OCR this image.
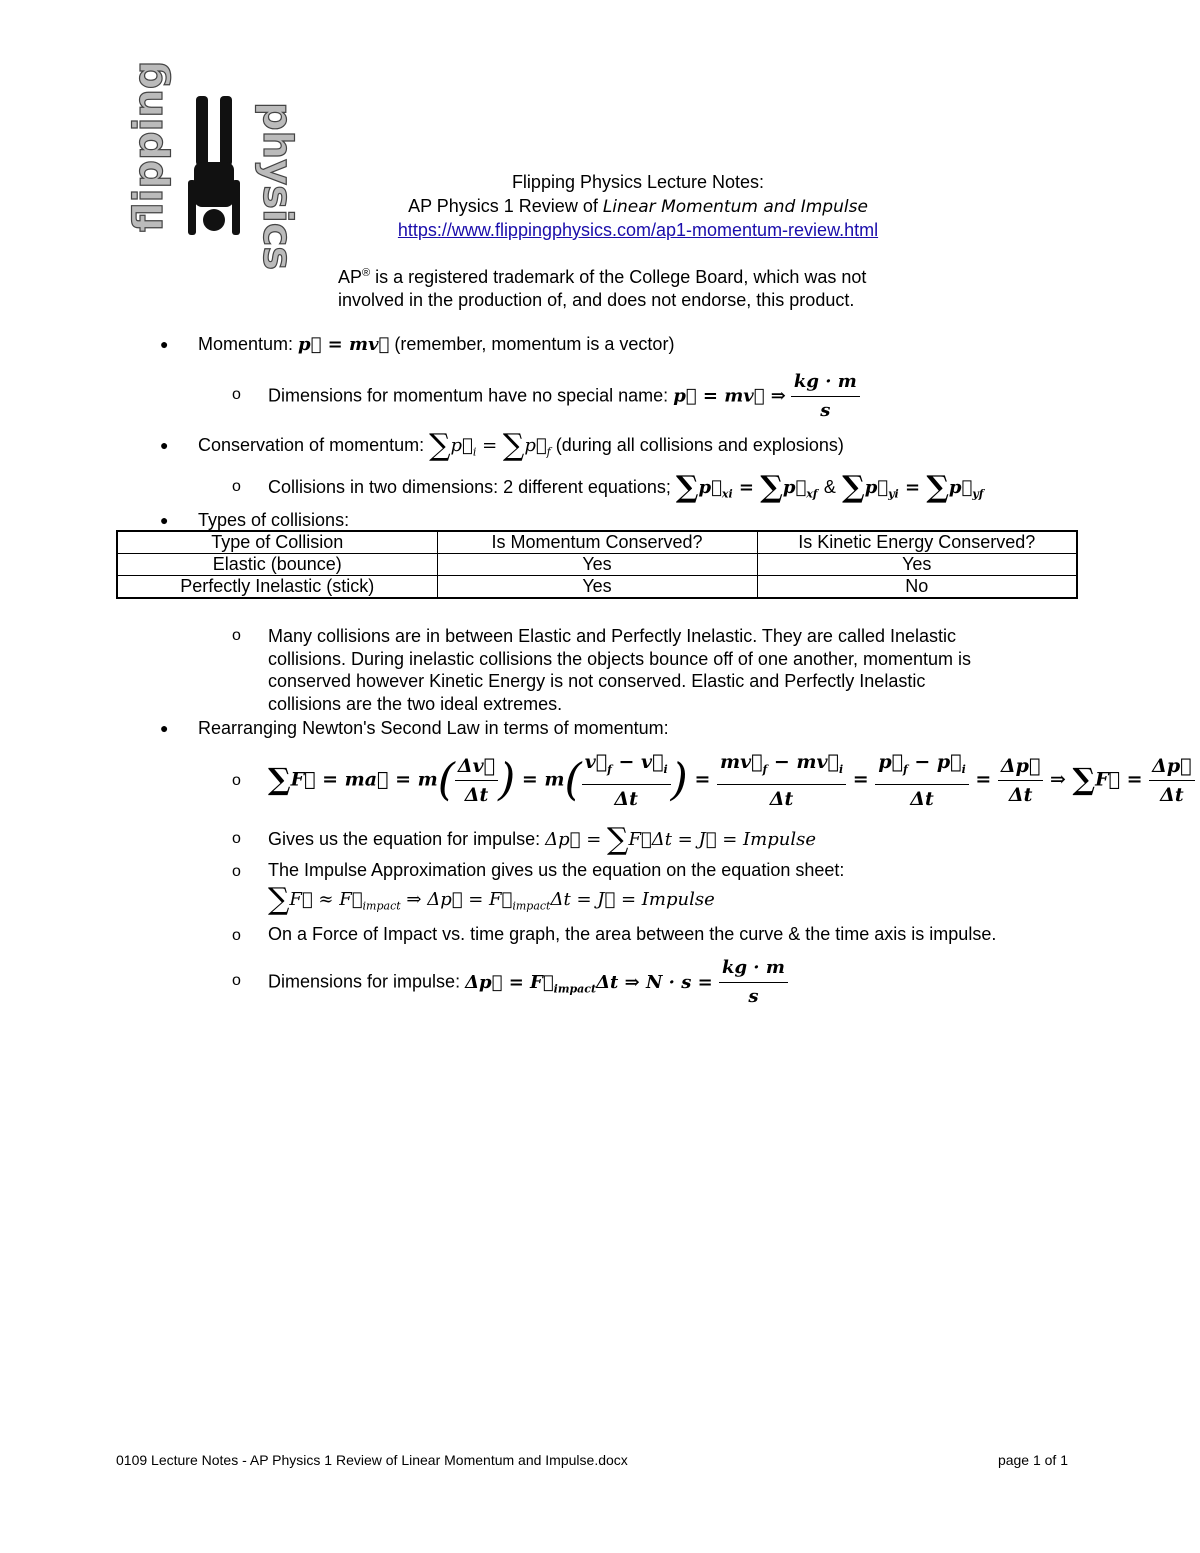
flipping physics	Flipping Physics Lecture Notes:
AP Physics 1 Review of Linear Momentum and Impulse
https://www.flippingphysics.com/ap1-momentum-review.html
AP® is a registered trademark of the College Board, which was not
involved in the production of, and does not endorse, this product.
● Momentum: p⃗ = mv⃗ (remember, momentum is a vector)
o Dimensions for momentum have no special name: p⃗ = mv⃗ ⇒ $\frac{kg \cdot m}{s}$
● Conservation of momentum: $\sum p⃗_i$ = $\sum p⃗_f$ (during all collisions and explosions)
o Collisions in two dimensions: 2 different equations; $\sum p⃗_{xi}$ = $\sum p⃗_{xf}$ & $\sum p⃗_{yi}$ = $\sum p⃗_{yf}$
● Types of collisions:
Type of Collision	Is Momentum Conserved?	Is Kinetic Energy Conserved?
Elastic (bounce)	Yes	Yes
Perfectly Inelastic (stick)	Yes	No
o Many collisions are in between Elastic and Perfectly Inelastic. They are called Inelastic
collisions. During inelastic collisions the objects bounce off of one another, momentum is
conserved however Kinetic Energy is not conserved. Elastic and Perfectly Inelastic
collisions are the two ideal extremes.
● Rearranging Newton's Second Law in terms of momentum:
o ∑F⃗ = ma⃗ = $m( \frac{\Delta v⃗}{\Delta t}$ ) = $m( \frac{v⃗_f - v⃗_i}{\Delta t}$ ) = $\frac{mv⃗_f - mv⃗_i}{\Delta t} = \frac{p⃗_f - p⃗_i}{\Delta t} = \frac{\Delta p⃗}{\Delta t}$ ⇒ ∑F⃗ = $\frac{\Delta p⃗}{\Delta t}$
o Gives us the equation for impulse: Δp⃗ = ∑F⃗Δt = J⃗ = Impulse
o The Impulse Approximation gives us the equation on the equation sheet:
∑F⃗ ≈ $F⃗_{impact}$ ⇒ Δp⃗ = $F⃗_{impact}\Delta t$ = J⃗ = Impulse
o On a Force of Impact vs. time graph, the area between the curve & the time axis is impulse.
o Dimensions for impulse: Δp⃗ = $F⃗_{impact}\Delta t$ ⇒ $N \cdot s = \frac{kg \cdot m}{s}$
0109 Lecture Notes - AP Physics 1 Review of Linear Momentum and Impulse.docx	page 1 of 1
